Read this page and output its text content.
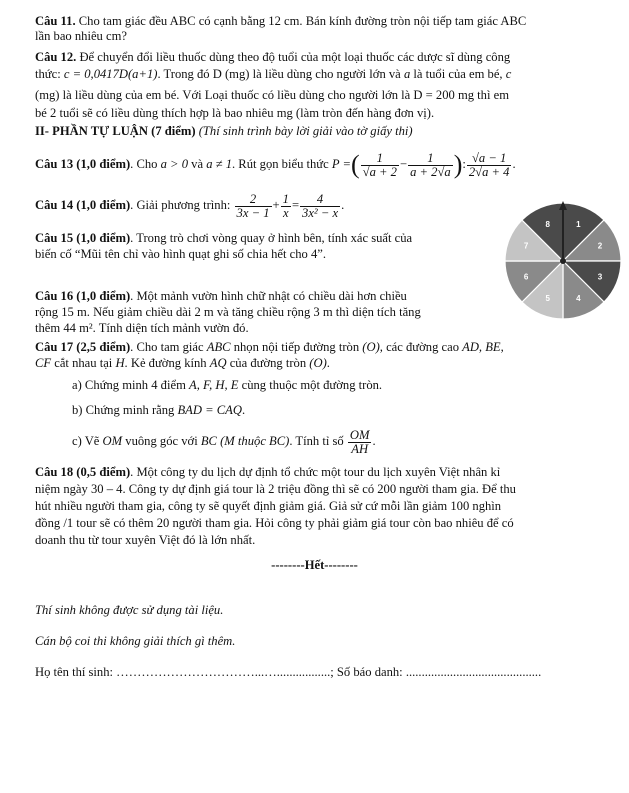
Câu 11. Cho tam giác đều ABC có cạnh bằng 12 cm. Bán kính đường tròn nội tiếp tam giác ABC
lần bao nhiêu cm?
Câu 12. Để chuyển đổi liều thuốc dùng theo độ tuổi của một loại thuốc các dược sĩ dùng công
thức: c = 0,0417D(a+1). Trong đó D (mg) là liều dùng cho người lớn và a là tuổi của em bé, c
(mg) là liều dùng của em bé. Với Loại thuốc có liều dùng cho người lớn là D = 200 mg thì em
bé 2 tuổi sẽ có liều dùng thích hợp là bao nhiêu mg (làm tròn đến hàng đơn vị).
II- PHẦN TỰ LUẬN (7 điểm) (Thí sinh trình bày lời giải vào tờ giấy thi)
Câu 13 (1,0 điểm). Cho a > 0 và a ≠ 1. Rút gọn biểu thức P =( $\frac{1}{√a + 2} - \frac{1}{a + 2√a}$ ): $\frac{√a - 1}{2√a + 4}$ .
Câu 14 (1,0 điểm). Giải phương trình: $\frac{2}{3x - 1} + \frac{1}{x} = \frac{4}{\text{3x² − x}}$ .
Câu 15 (1,0 điểm). Trong trò chơi vòng quay ở hình bên, tính xác suất của
biến cố “Mũi tên chỉ vào hình quạt ghi số chia hết cho 4”.
1
2
3
4
5
6
7
8
Câu 16 (1,0 điểm). Một mảnh vườn hình chữ nhật có chiều dài hơn chiều
rộng 15 m. Nếu giảm chiều dài 2 m và tăng chiều rộng 3 m thì diện tích tăng
thêm 44 m². Tính diện tích mảnh vườn đó.
Câu 17 (2,5 điểm). Cho tam giác ABC nhọn nội tiếp đường tròn (O), các đường cao AD, BE,
CF cắt nhau tại H. Kẻ đường kính AQ của đường tròn (O).
a) Chứng minh 4 điểm A, F, H, E cùng thuộc một đường tròn.
b) Chứng minh rằng BAD = CAQ.
c) Vẽ OM vuông góc với BC (M thuộc BC). Tính tỉ số $\frac{OM}{AH}$ .
Câu 18 (0,5 điểm). Một công ty du lịch dự định tổ chức một tour du lịch xuyên Việt nhân kỉ
niệm ngày 30 – 4. Công ty dự định giá tour là 2 triệu đồng thì sẽ có 200 người tham gia. Để thu
hút nhiều người tham gia, công ty sẽ quyết định giảm giá. Giả sử cứ mỗi lần giảm 100 nghìn
đồng /1 tour sẽ có thêm 20 người tham gia. Hỏi công ty phải giảm giá tour còn bao nhiêu để có
doanh thu từ tour xuyên Việt đó là lớn nhất.
--------Hết--------
Thí sinh không được sử dụng tài liệu.
Cán bộ coi thi không giải thích gì thêm.
Họ tên thí sinh: ……………………………...….................; Số báo danh: ...........................................
